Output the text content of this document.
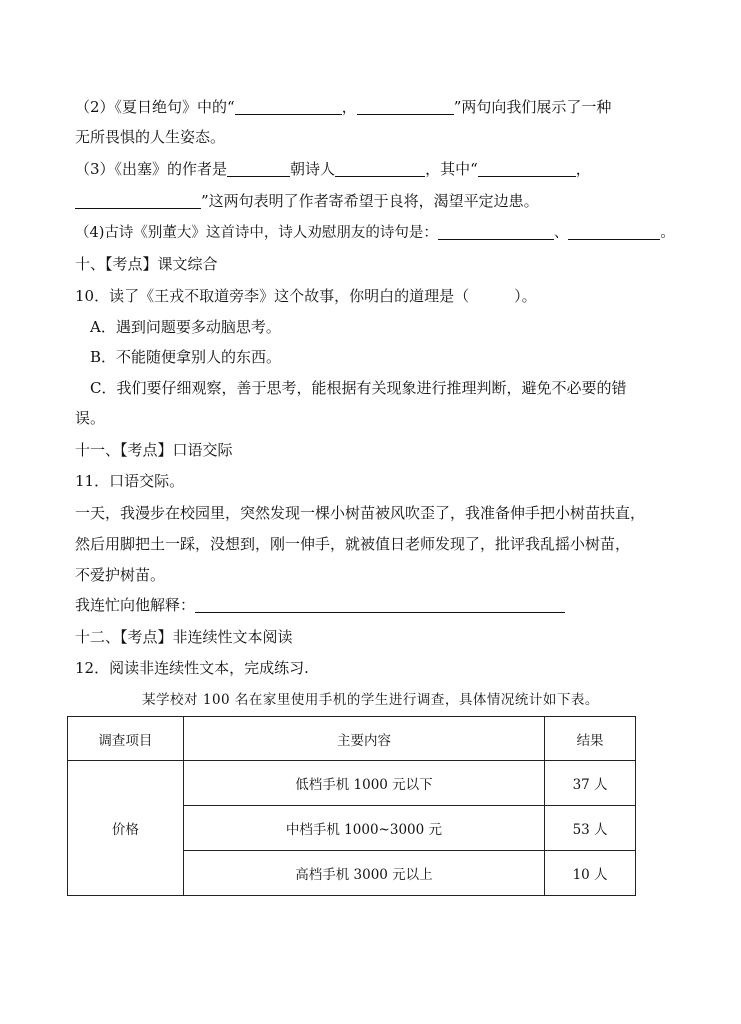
（2）《夏日绝句》中的“	，	”两句向我们展示了一种
无所畏惧的人生姿态。
（3）《出塞》的作者是	朝诗人	，其中“	，
”这两句表明了作者寄希望于良将，渴望平定边患。
（4)古诗《别董大》这首诗中，诗人劝慰朋友的诗句是：	、	。
十、【考点】课文综合
10．读了《王戎不取道旁李》这个故事，你明白的道理是（　　　）。
A．遇到问题要多动脑思考。
B．不能随便拿别人的东西。
C．我们要仔细观察，善于思考，能根据有关现象进行推理判断，避免不必要的错
误。
十一、【考点】口语交际
11．口语交际。
一天，我漫步在校园里，突然发现一棵小树苗被风吹歪了，我准备伸手把小树苗扶直，
然后用脚把土一踩，没想到，刚一伸手，就被值日老师发现了，批评我乱摇小树苗，
不爱护树苗。
我连忙向他解释：
十二、【考点】非连续性文本阅读
12．阅读非连续性文本，完成练习.
某学校对 100 名在家里使用手机的学生进行调查，具体情况统计如下表。
调查项目	主要内容	结果
价格	低档手机 1000 元以下	37 人
	中档手机 1000~3000 元	53 人
	高档手机 3000 元以上	10 人
